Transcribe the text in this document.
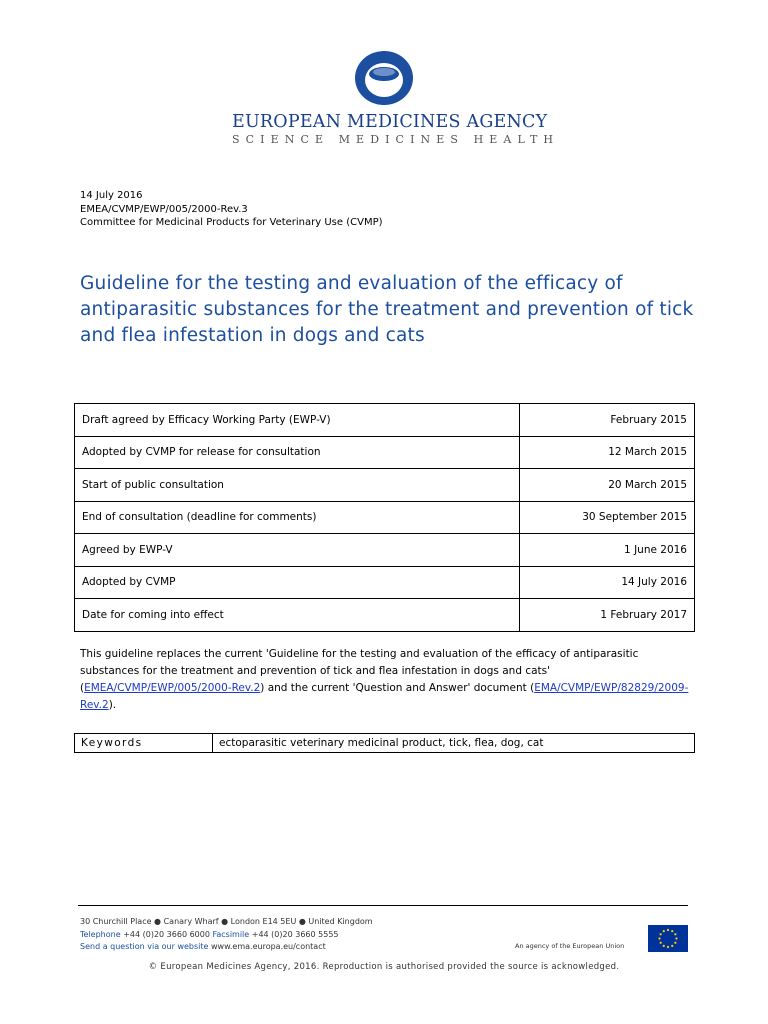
EUROPEAN MEDICINES AGENCY
SCIENCE MEDICINES HEALTH
14 July 2016
EMEA/CVMP/EWP/005/2000-Rev.3
Committee for Medicinal Products for Veterinary Use (CVMP)
Guideline for the testing and evaluation of the efficacy of antiparasitic substances for the treatment and prevention of tick and flea infestation in dogs and cats
Draft agreed by Efficacy Working Party (EWP-V)	February 2015
Adopted by CVMP for release for consultation	12 March 2015
Start of public consultation	20 March 2015
End of consultation (deadline for comments)	30 September 2015
Agreed by EWP-V	1 June 2016
Adopted by CVMP	14 July 2016
Date for coming into effect	1 February 2017
This guideline replaces the current 'Guideline for the testing and evaluation of the efficacy of antiparasitic substances for the treatment and prevention of tick and flea infestation in dogs and cats' (EMEA/CVMP/EWP/005/2000-Rev.2) and the current 'Question and Answer' document (EMA/CVMP/EWP/82829/2009-Rev.2).
Keywords	ectoparasitic veterinary medicinal product, tick, flea, dog, cat
30 Churchill Place ● Canary Wharf ● London E14 5EU ● United Kingdom
Telephone +44 (0)20 3660 6000 Facsimile +44 (0)20 3660 5555
Send a question via our website www.ema.europa.eu/contact	An agency of the European Union
© European Medicines Agency, 2016. Reproduction is authorised provided the source is acknowledged.
